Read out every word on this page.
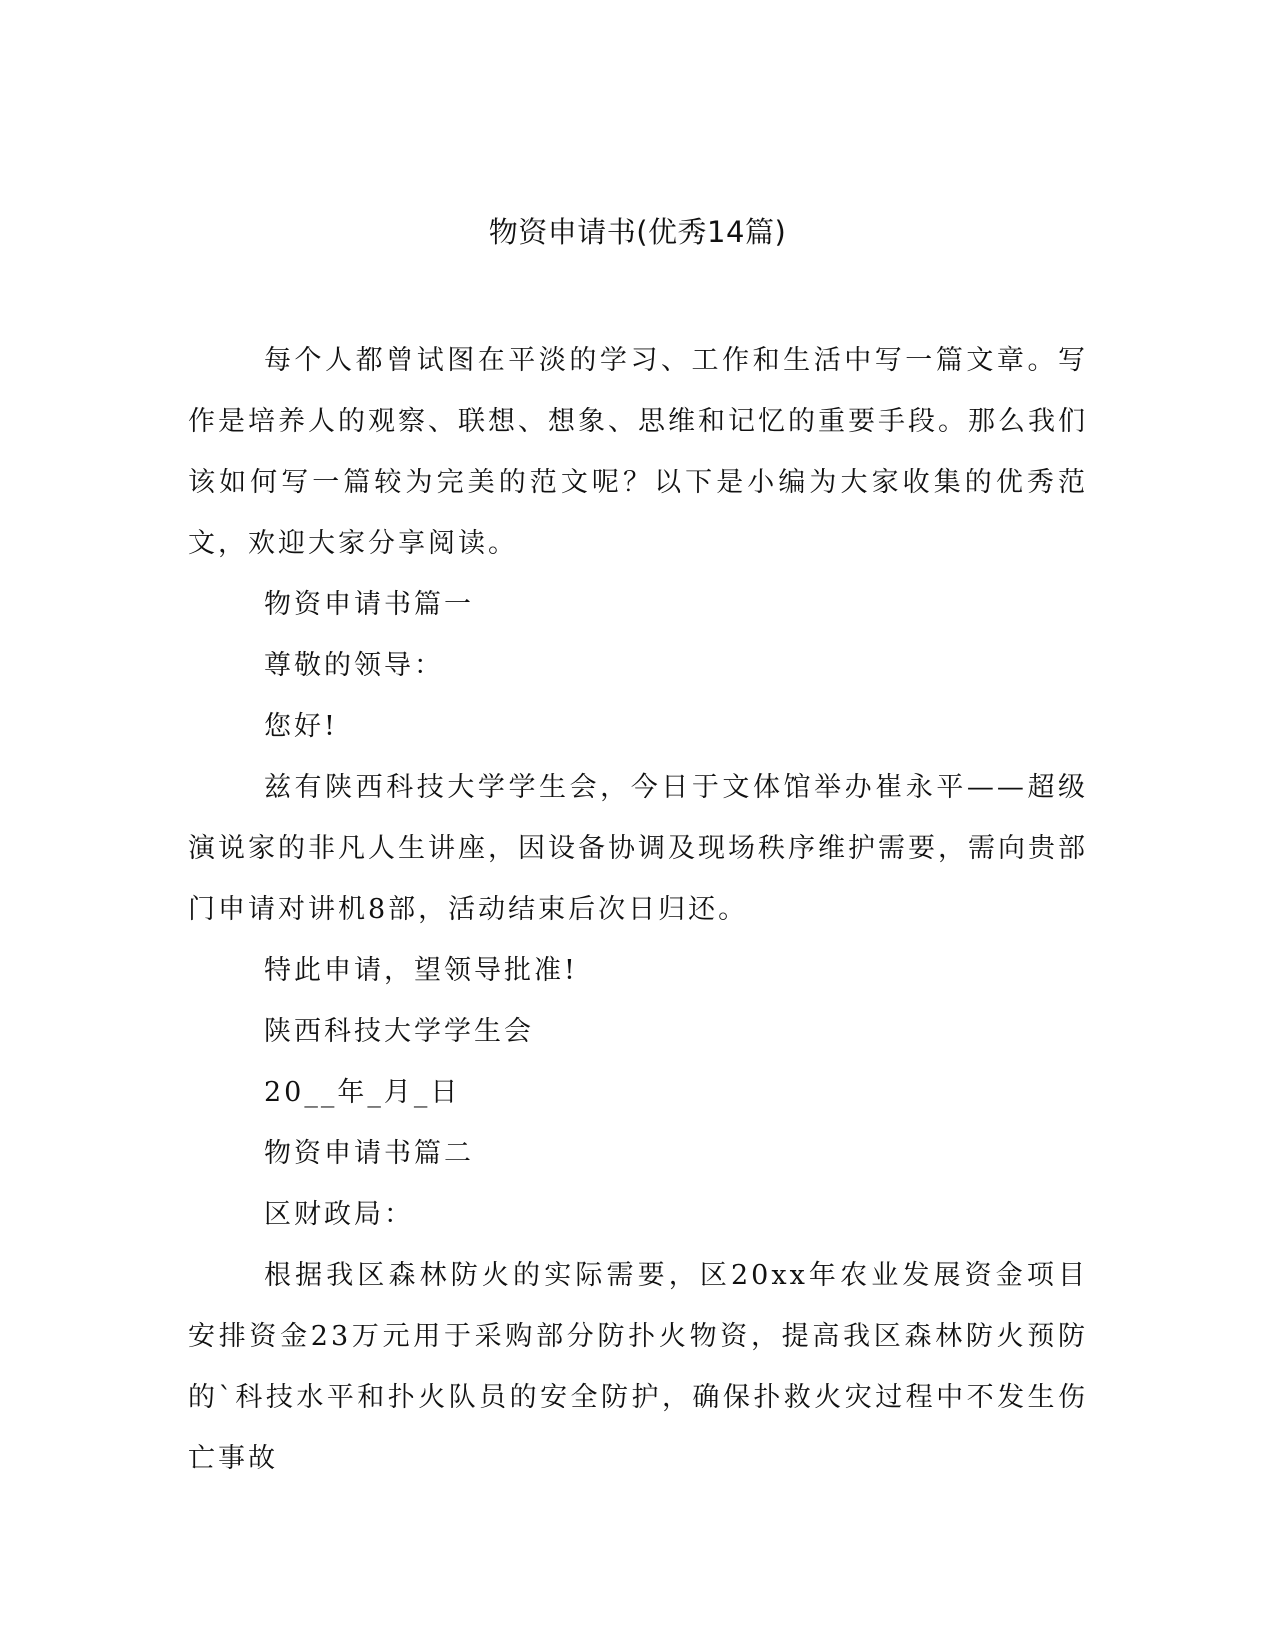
物资申请书(优秀14篇)

每个人都曾试图在平淡的学习、工作和生活中写一篇文章。写作是培养人的观察、联想、想象、思维和记忆的重要手段。那么我们该如何写一篇较为完美的范文呢？以下是小编为大家收集的优秀范文，欢迎大家分享阅读。

物资申请书篇一

尊敬的领导：

您好!

兹有陕西科技大学学生会，今日于文体馆举办崔永平——超级演说家的非凡人生讲座，因设备协调及现场秩序维护需要，需向贵部门申请对讲机8部，活动结束后次日归还。

特此申请，望领导批准!

陕西科技大学学生会

20__年_月_日

物资申请书篇二

区财政局：

根据我区森林防火的实际需要，区20xx年农业发展资金项目安排资金23万元用于采购部分防扑火物资，提高我区森林防火预防的`科技水平和扑火队员的安全防护，确保扑救火灾过程中不发生伤亡事故
